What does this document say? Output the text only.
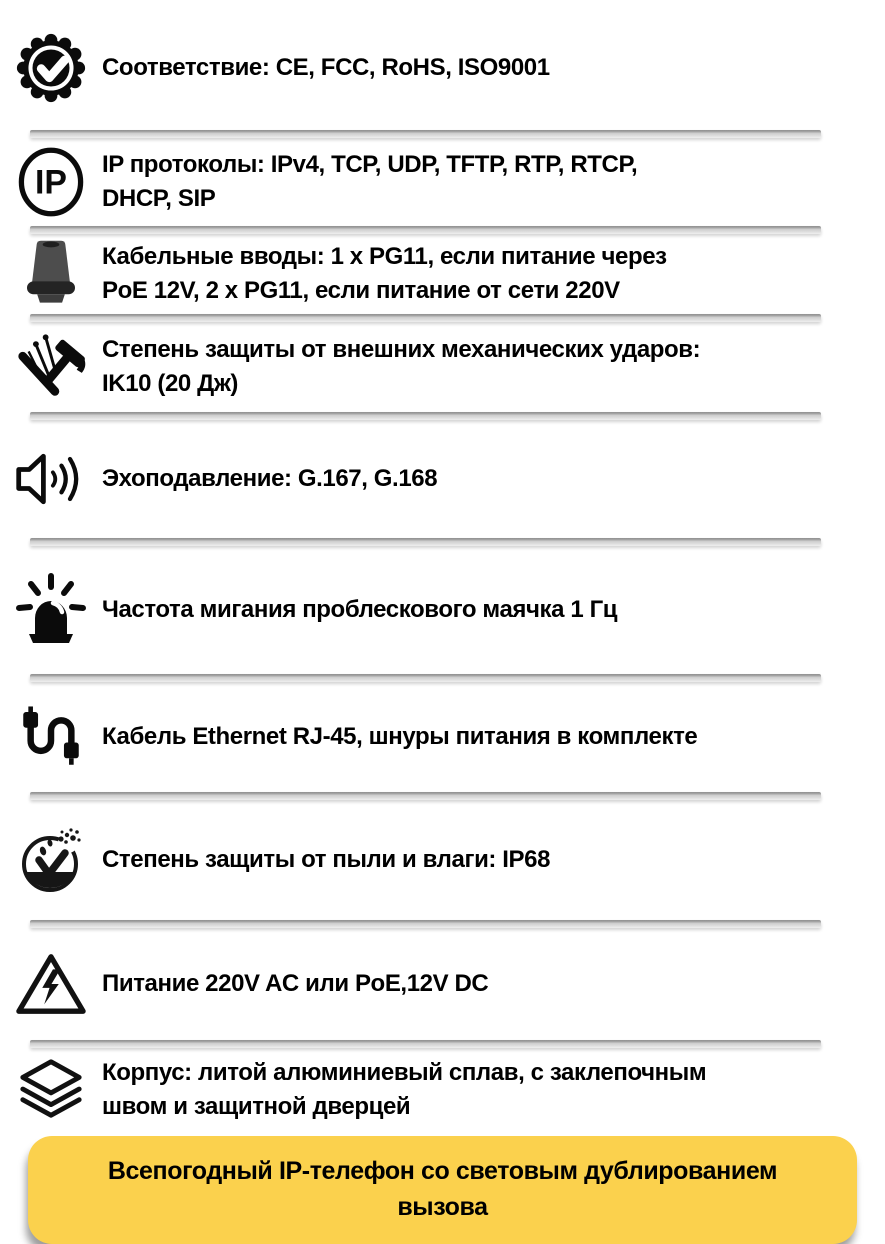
Соответствие: CE, FCC, RoHS, ISO9001
IP IP протоколы: IPv4, TCP, UDP, TFTP, RTP, RTCP,
DHCP, SIP
Кабельные вводы: 1 x PG11, если питание через
PoE 12V, 2 x PG11, если питание от сети 220V
Степень защиты от внешних механических ударов:
IK10 (20 Дж)
Эхоподавление: G.167, G.168
Частота мигания проблескового маячка 1 Гц
Кабель Ethernet RJ-45, шнуры питания в комплекте
Степень защиты от пыли и влаги: IP68
Питание 220V AC или PoE,12V DC
Корпус: литой алюминиевый сплав, с заклепочным
швом и защитной дверцей
Всепогодный IP-телефон со световым дублированием
вызова
